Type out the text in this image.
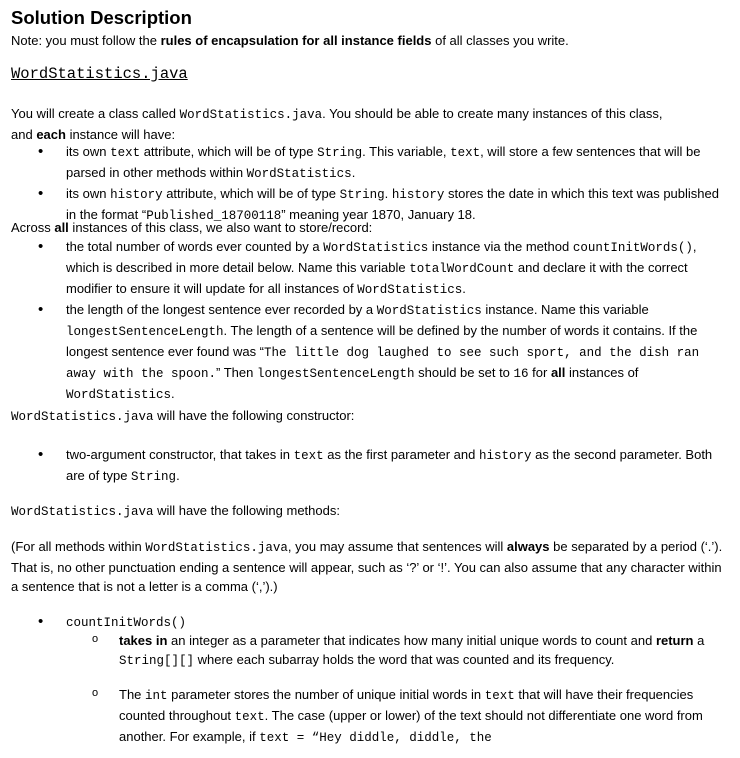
Solution Description
Note: you must follow the rules of encapsulation for all instance fields of all classes you write.
WordStatistics.java

You will create a class called WordStatistics.java. You should be able to create many instances of this class,

and each instance will have:

• its own text attribute, which will be of type String. This variable, text, will store a few sentences that will be parsed in other methods within WordStatistics.
• its own history attribute, which will be of type String. history stores the date in which this text was published in the format “Published_18700118” meaning year 1870, January 18.
Across all instances of this class, we also want to store/record:
• the total number of words ever counted by a WordStatistics instance via the method countInitWords(), which is described in more detail below. Name this variable totalWordCount and declare it with the correct modifier to ensure it will update for all instances of WordStatistics.
• the length of the longest sentence ever recorded by a WordStatistics instance. Name this variable longestSentenceLength. The length of a sentence will be defined by the number of words it contains. If the longest sentence ever found was “The little dog laughed to see such sport, and the dish ran away with the spoon.” Then longestSentenceLength should be set to 16 for all instances of WordStatistics.
WordStatistics.java will have the following constructor:
• two-argument constructor, that takes in text as the first parameter and history as the second parameter. Both are of type String.
WordStatistics.java will have the following methods:
(For all methods within WordStatistics.java, you may assume that sentences will always be separated by a period (‘.’). That is, no other punctuation ending a sentence will appear, such as ‘?’ or ‘!’. You can also assume that any character within a sentence that is not a letter is a comma (‘,’).)
• countInitWords()
o takes in an integer as a parameter that indicates how many initial unique words to count and return a String[][] where each subarray holds the word that was counted and its frequency.
o The int parameter stores the number of unique initial words in text that will have their frequencies counted throughout text. The case (upper or lower) of the text should not differentiate one word from another. For example, if text = “Hey diddle, diddle, the
